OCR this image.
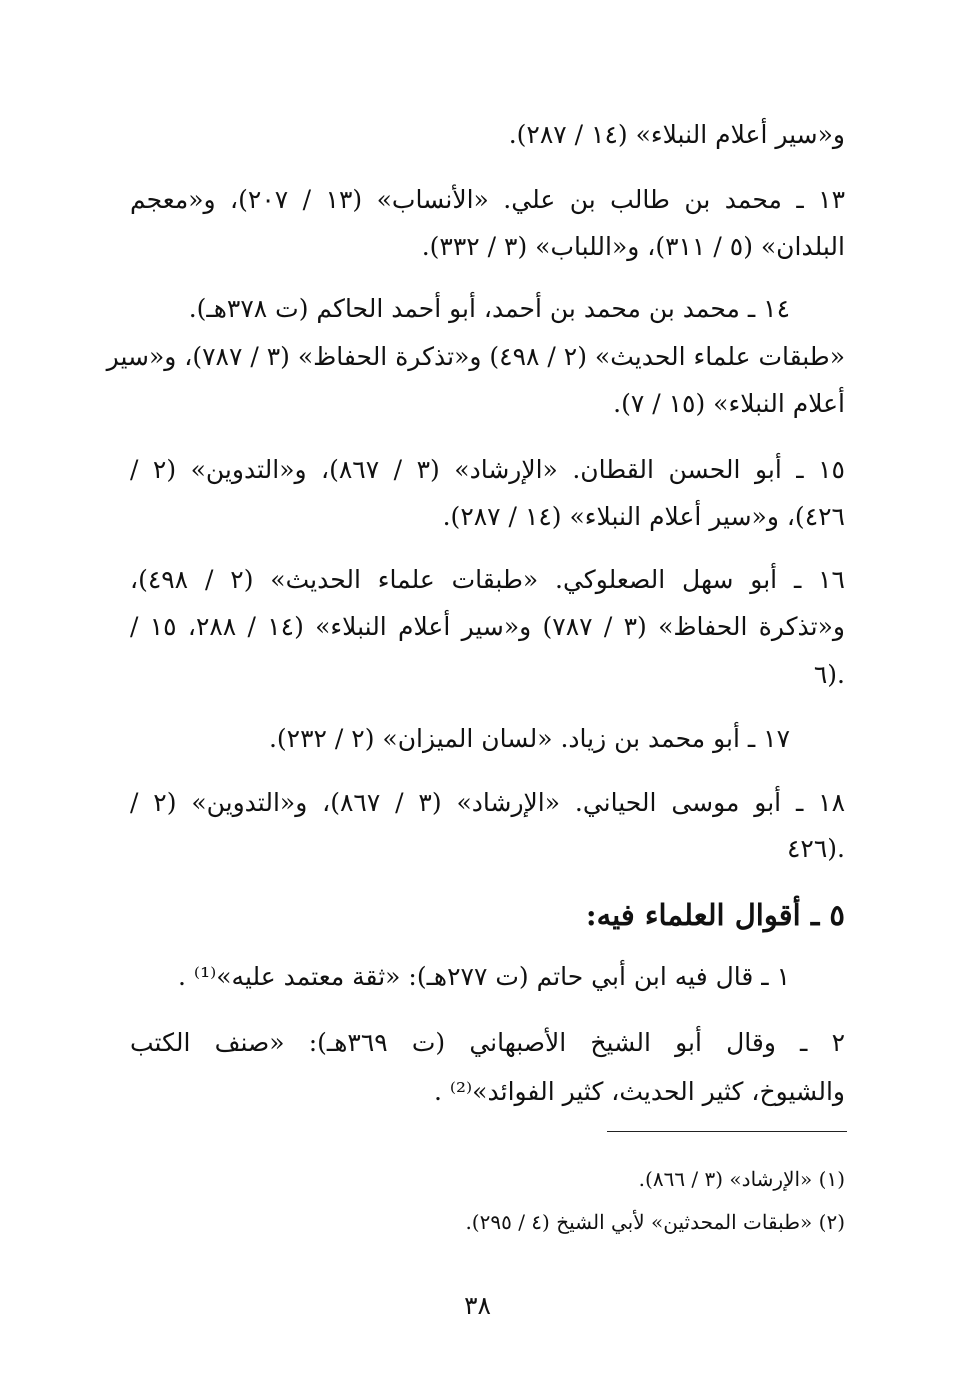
و«سير أعلام النبلاء» (١٤ / ٢٨٧).
١٣ ـ محمد بن طالب بن علي. «الأنساب» (١٣ / ٢٠٧)، و«معجم
البلدان» (٥ / ٣١١)، و«اللباب» (٣ / ٣٣٢).
١٤ ـ محمد بن محمد بن أحمد، أبو أحمد الحاكم (ت ٣٧٨هـ).
«طبقات علماء الحديث» (٢ / ٤٩٨) و«تذكرة الحفاظ» (٣ / ٧٨٧)، و«سير
أعلام النبلاء» (١٥ / ٧).
١٥ ـ أبو الحسن القطان. «الإرشاد» (٣ / ٨٦٧)، و«التدوين» (٢ /
٤٢٦)، و«سير أعلام النبلاء» (١٤ / ٢٨٧).
١٦ ـ أبو سهل الصعلوكي. «طبقات علماء الحديث» (٢ / ٤٩٨)،
و«تذكرة الحفاظ» (٣ / ٧٨٧) و«سير أعلام النبلاء» (١٤ / ٢٨٨، ١٥ /
٦).
١٧ ـ أبو محمد بن زياد. «لسان الميزان» (٢ / ٢٣٢).
١٨ ـ أبو موسى الحياني. «الإرشاد» (٣ / ٨٦٧)، و«التدوين» (٢ /
٤٢٦).
٥ ـ أقوال العلماء فيه:
١ ـ قال فيه ابن أبي حاتم (ت ٢٧٧هـ): «ثقة معتمد عليه»⁽¹⁾ .
٢ ـ وقال أبو الشيخ الأصبهاني (ت ٣٦٩هـ): «صنف الكتب
والشيوخ، كثير الحديث، كثير الفوائد»⁽²⁾ .
(١) «الإرشاد» (٣ / ٨٦٦).
(٢) «طبقات المحدثين» لأبي الشيخ (٤ / ٢٩٥).
٣٨
